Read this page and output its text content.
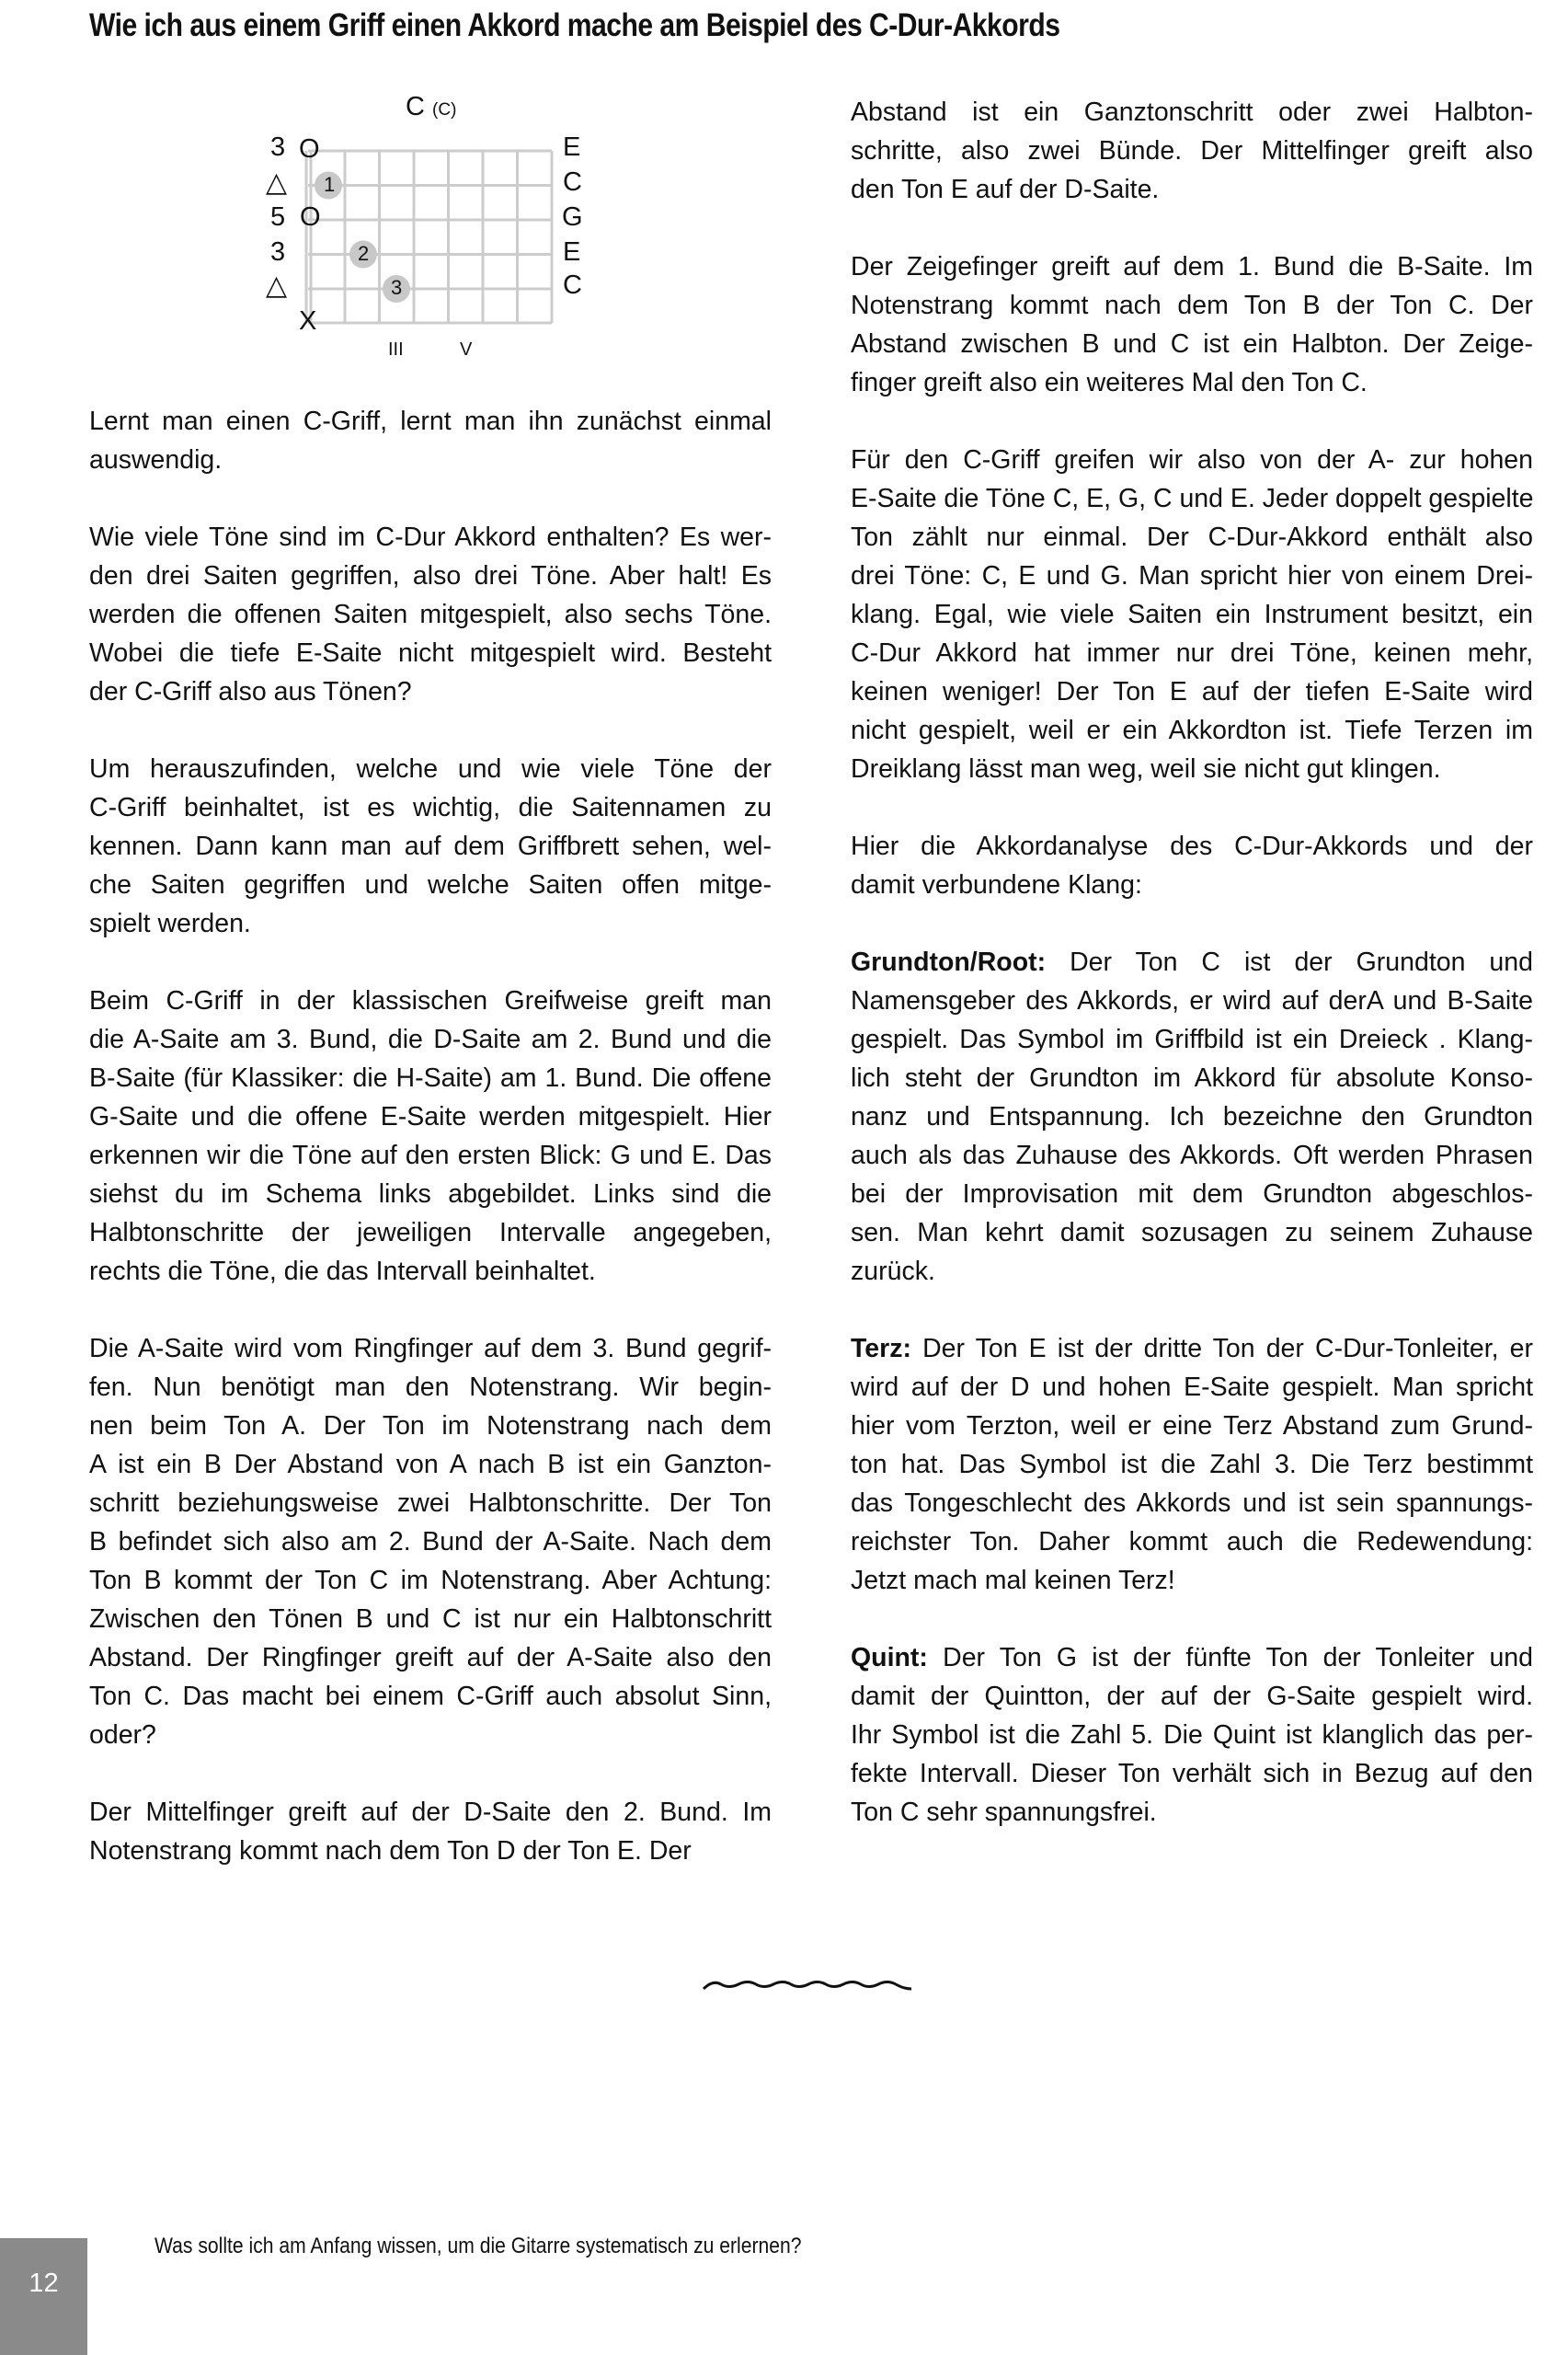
Wie ich aus einem Griff einen Akkord mache am Beispiel des C-Dur-Akkords
C (C)
1
2
3
3
△
5
3
△
O
O
X
E
C
G
E
C
III	V
Lernt man einen C-Griff, lernt man ihn zunächst einmal
auswendig.
Wie viele Töne sind im C-Dur Akkord enthalten? Es wer-
den drei Saiten gegriffen, also drei Töne. Aber halt! Es
werden die offenen Saiten mitgespielt, also sechs Töne.
Wobei die tiefe E-Saite nicht mitgespielt wird. Besteht
der C-Griff also aus Tönen?
Um herauszufinden, welche und wie viele Töne der
C-Griff beinhaltet, ist es wichtig, die Saitennamen zu
kennen. Dann kann man auf dem Griffbrett sehen, wel-
che Saiten gegriffen und welche Saiten offen mitge-
spielt werden.
Beim C-Griff in der klassischen Greifweise greift man
die A-Saite am 3. Bund, die D-Saite am 2. Bund und die
B-Saite (für Klassiker: die H-Saite) am 1. Bund. Die offene
G-Saite und die offene E-Saite werden mitgespielt. Hier
erkennen wir die Töne auf den ersten Blick: G und E. Das
siehst du im Schema links abgebildet. Links sind die
Halbtonschritte der jeweiligen Intervalle angegeben,
rechts die Töne, die das Intervall beinhaltet.
Die A-Saite wird vom Ringfinger auf dem 3. Bund gegrif-
fen. Nun benötigt man den Notenstrang. Wir begin-
nen beim Ton A. Der Ton im Notenstrang nach dem
A ist ein B Der Abstand von A nach B ist ein Ganzton-
schritt beziehungsweise zwei Halbtonschritte. Der Ton
B befindet sich also am 2. Bund der A-Saite. Nach dem
Ton B kommt der Ton C im Notenstrang. Aber Achtung:
Zwischen den Tönen B und C ist nur ein Halbtonschritt
Abstand. Der Ringfinger greift auf der A-Saite also den
Ton C. Das macht bei einem C-Griff auch absolut Sinn,
oder?
Der Mittelfinger greift auf der D-Saite den 2. Bund. Im
Notenstrang kommt nach dem Ton D der Ton E. Der
Abstand ist ein Ganztonschritt oder zwei Halbton-
schritte, also zwei Bünde. Der Mittelfinger greift also
den Ton E auf der D-Saite.
Der Zeigefinger greift auf dem 1. Bund die B-Saite. Im
Notenstrang kommt nach dem Ton B der Ton C. Der
Abstand zwischen B und C ist ein Halbton. Der Zeige-
finger greift also ein weiteres Mal den Ton C.
Für den C-Griff greifen wir also von der A- zur hohen
E-Saite die Töne C, E, G, C und E. Jeder doppelt gespielte
Ton zählt nur einmal. Der C-Dur-Akkord enthält also
drei Töne: C, E und G. Man spricht hier von einem Drei-
klang. Egal, wie viele Saiten ein Instrument besitzt, ein
C-Dur Akkord hat immer nur drei Töne, keinen mehr,
keinen weniger! Der Ton E auf der tiefen E-Saite wird
nicht gespielt, weil er ein Akkordton ist. Tiefe Terzen im
Dreiklang lässt man weg, weil sie nicht gut klingen.
Hier die Akkordanalyse des C-Dur-Akkords und der
damit verbundene Klang:
Grundton/Root: Der Ton C ist der Grundton und
Namensgeber des Akkords, er wird auf derA und B-Saite
gespielt. Das Symbol im Griffbild ist ein Dreieck . Klang-
lich steht der Grundton im Akkord für absolute Konso-
nanz und Entspannung. Ich bezeichne den Grundton
auch als das Zuhause des Akkords. Oft werden Phrasen
bei der Improvisation mit dem Grundton abgeschlos-
sen. Man kehrt damit sozusagen zu seinem Zuhause
zurück.
Terz: Der Ton E ist der dritte Ton der C-Dur-Tonleiter, er
wird auf der D und hohen E-Saite gespielt. Man spricht
hier vom Terzton, weil er eine Terz Abstand zum Grund-
ton hat. Das Symbol ist die Zahl 3. Die Terz bestimmt
das Tongeschlecht des Akkords und ist sein spannungs-
reichster Ton. Daher kommt auch die Redewendung:
Jetzt mach mal keinen Terz!
Quint: Der Ton G ist der fünfte Ton der Tonleiter und
damit der Quintton, der auf der G-Saite gespielt wird.
Ihr Symbol ist die Zahl 5. Die Quint ist klanglich das per-
fekte Intervall. Dieser Ton verhält sich in Bezug auf den
Ton C sehr spannungsfrei.
12
Was sollte ich am Anfang wissen, um die Gitarre systematisch zu erlernen?
